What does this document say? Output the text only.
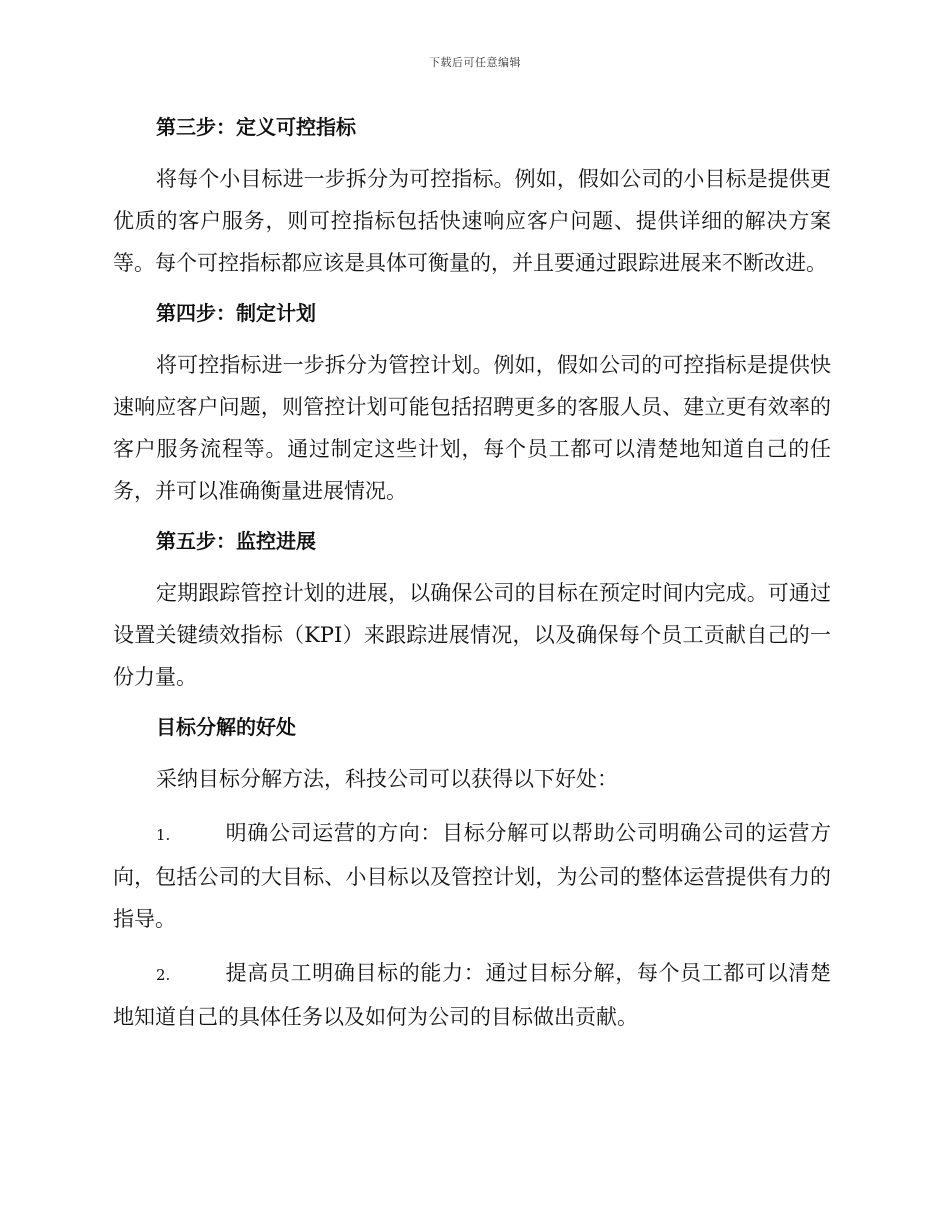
下载后可任意编辑
第三步：定义可控指标

将每个小目标进一步拆分为可控指标。例如，假如公司的小目标是提供更优质的客户服务，则可控指标包括快速响应客户问题、提供详细的解决方案等。每个可控指标都应该是具体可衡量的，并且要通过跟踪进展来不断改进。

第四步：制定计划

将可控指标进一步拆分为管控计划。例如，假如公司的可控指标是提供快速响应客户问题，则管控计划可能包括招聘更多的客服人员、建立更有效率的客户服务流程等。通过制定这些计划，每个员工都可以清楚地知道自己的任务，并可以准确衡量进展情况。

第五步：监控进展

定期跟踪管控计划的进展，以确保公司的目标在预定时间内完成。可通过设置关键绩效指标（KPI）来跟踪进展情况，以及确保每个员工贡献自己的一份力量。

目标分解的好处

采纳目标分解方法，科技公司可以获得以下好处：

1.	明确公司运营的方向：目标分解可以帮助公司明确公司的运营方向，包括公司的大目标、小目标以及管控计划，为公司的整体运营提供有力的指导。

2.	提高员工明确目标的能力：通过目标分解，每个员工都可以清楚地知道自己的具体任务以及如何为公司的目标做出贡献。
